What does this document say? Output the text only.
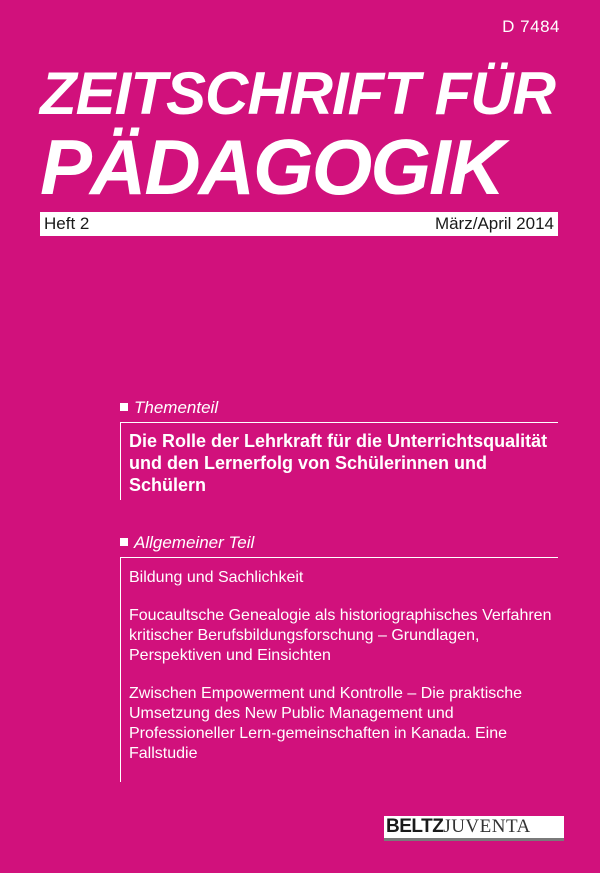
D 7484
ZEITSCHRIFT FÜR
PÄDAGOGIK
Heft 2	März/April 2014
Thementeil
Die Rolle der Lehrkraft für die Unterrichtsqualität und den Lernerfolg von Schülerinnen und Schülern
Allgemeiner Teil
Bildung und Sachlichkeit
Foucaultsche Genealogie als historiographisches Verfahren kritischer Berufsbildungsforschung – Grundlagen, Perspektiven und Einsichten
Zwischen Empowerment und Kontrolle – Die praktische Umsetzung des New Public Management und Professioneller Lern-gemeinschaften in Kanada. Eine Fallstudie
BELTZJUVENTA
